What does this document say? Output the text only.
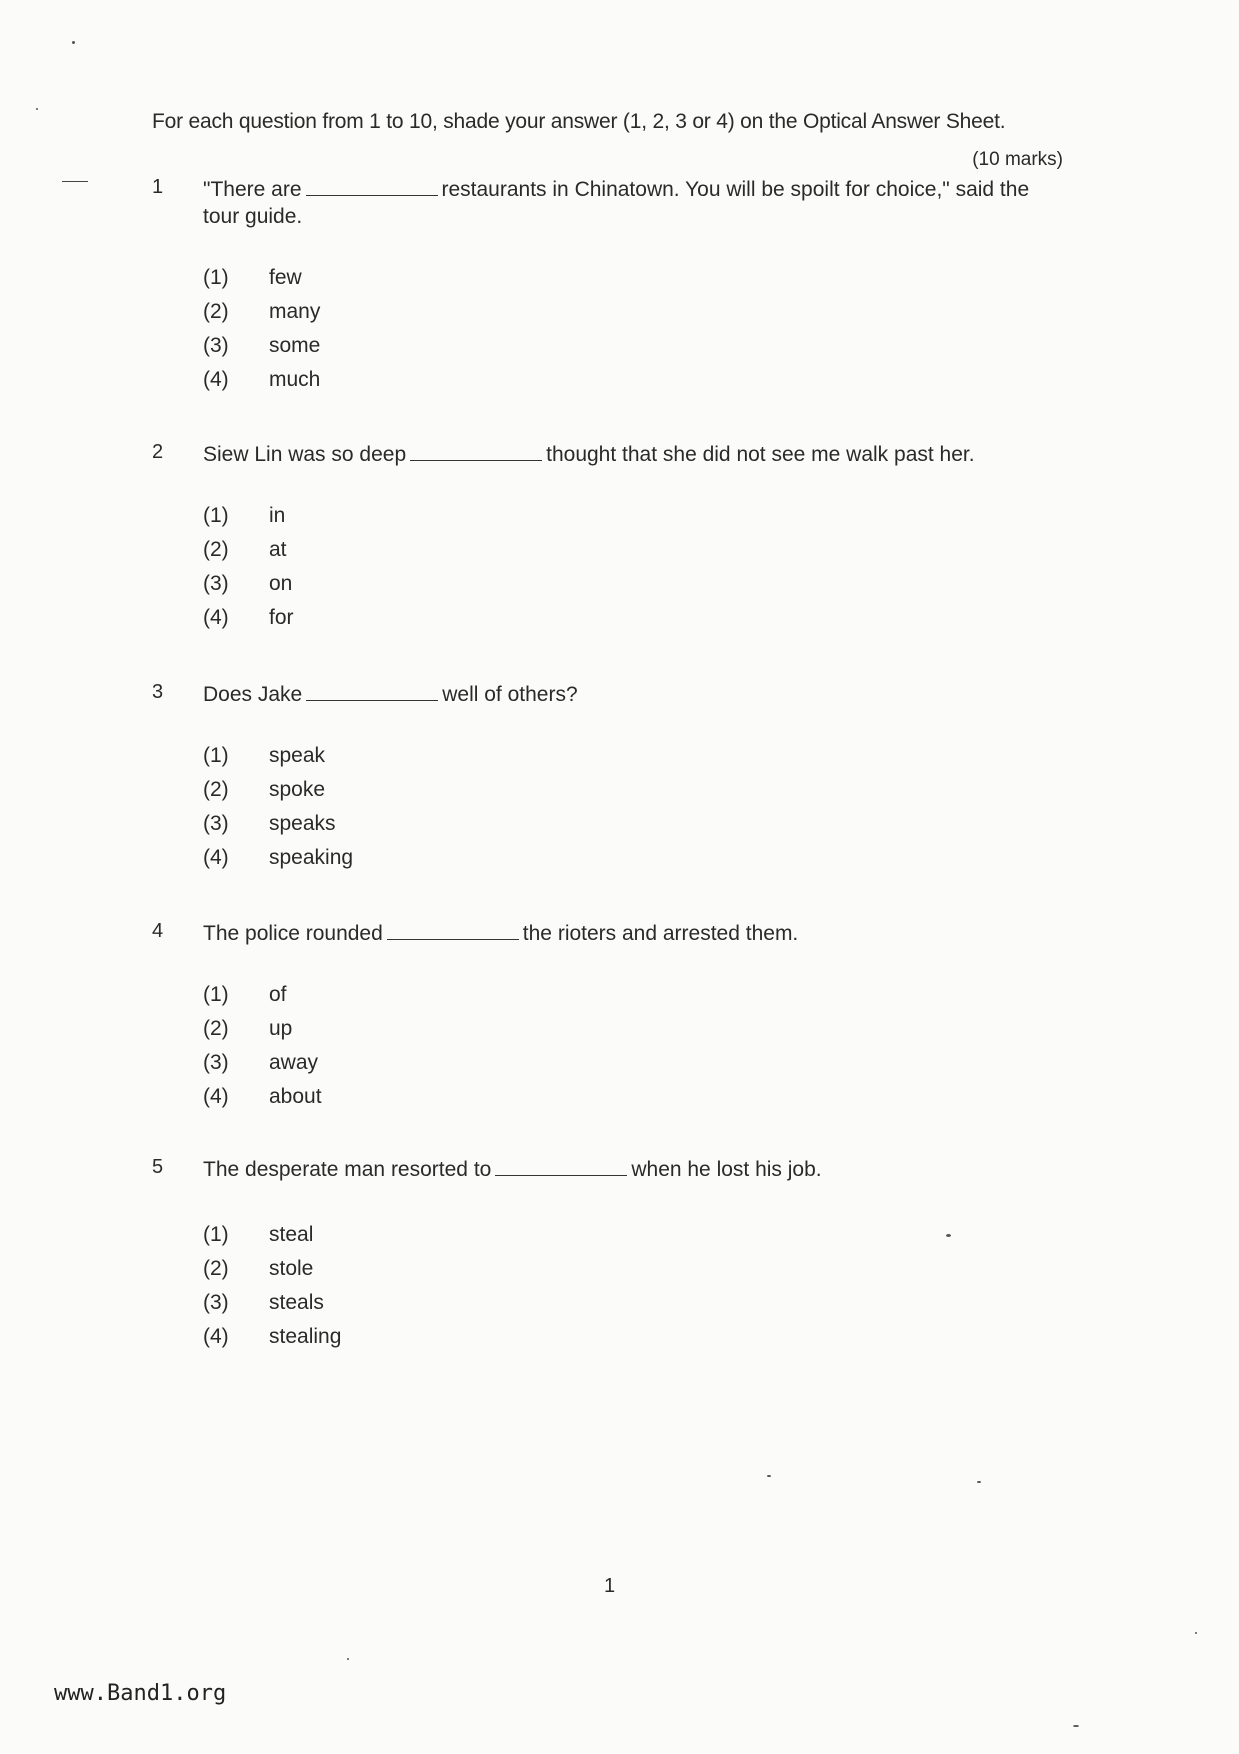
For each question from 1 to 10, shade your answer (1, 2, 3 or 4) on the Optical Answer Sheet.
(10 marks)
1 "There are	restaurants in Chinatown. You will be spoilt for choice," said the tour guide.
(1) few
(2) many
(3) some
(4) much
2 Siew Lin was so deep	thought that she did not see me walk past her.
(1) in
(2) at
(3) on
(4) for
3 Does Jake	well of others?
(1) speak
(2) spoke
(3) speaks
(4) speaking
4 The police rounded	the rioters and arrested them.
(1) of
(2) up
(3) away
(4) about
5 The desperate man resorted to	when he lost his job.
(1) steal
(2) stole
(3) steals
(4) stealing
1
www.Band1.org
